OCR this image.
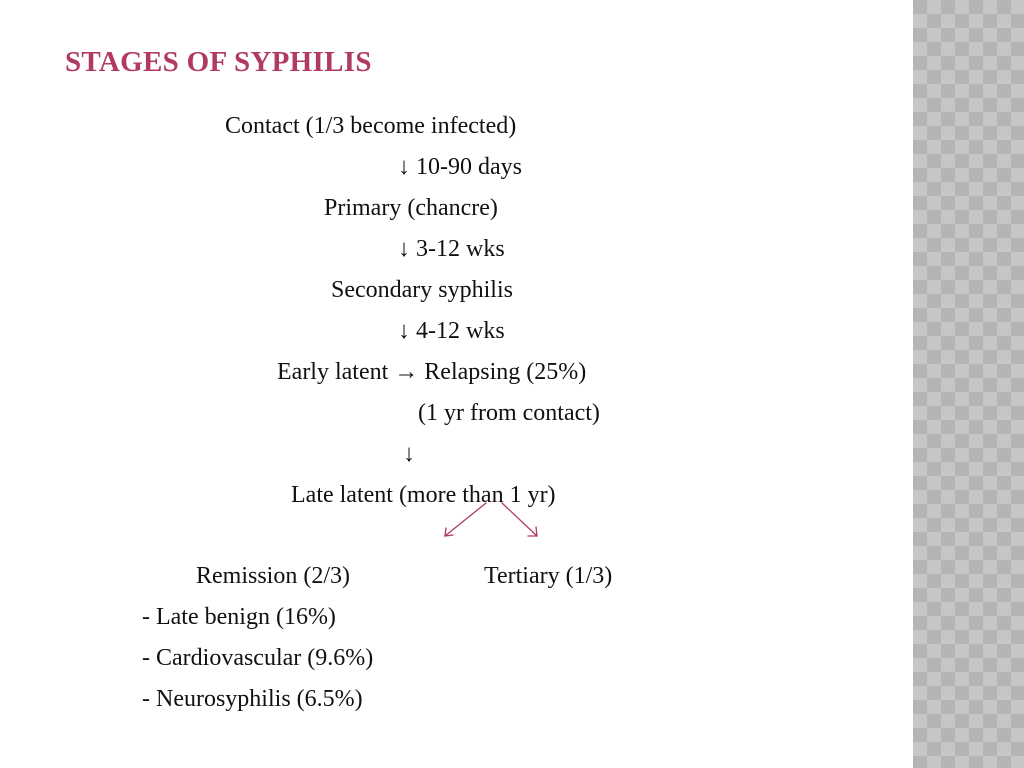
STAGES OF SYPHILIS
Contact (1/3 become infected)
↓ 10-90 days
Primary (chancre)
↓ 3-12 wks
Secondary syphilis
↓ 4-12 wks
Early latent → Relapsing (25%)
(1 yr from contact)
↓
Late latent (more than 1 yr)
Remission (2/3)	Tertiary (1/3)
- Late benign (16%)
- Cardiovascular (9.6%)
- Neurosyphilis (6.5%)
